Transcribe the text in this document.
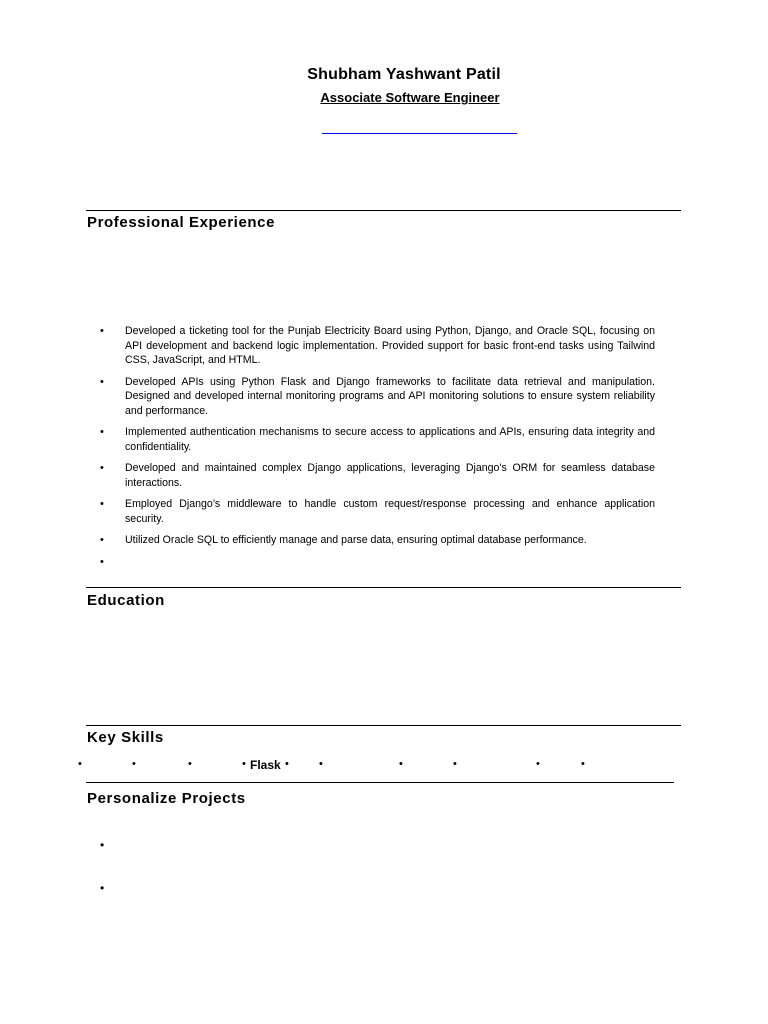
Shubham Yashwant Patil
Associate Software Engineer
Professional Experience
• Developed a ticketing tool for the Punjab Electricity Board using Python, Django, and Oracle SQL, focusing on API development and backend logic implementation. Provided support for basic front-end tasks using Tailwind CSS, JavaScript, and HTML.
• Developed APIs using Python Flask and Django frameworks to facilitate data retrieval and manipulation. Designed and developed internal monitoring programs and API monitoring solutions to ensure system reliability and performance.
• Implemented authentication mechanisms to secure access to applications and APIs, ensuring data integrity and confidentiality.
• Developed and maintained complex Django applications, leveraging Django's ORM for seamless database interactions.
• Employed Django’s middleware to handle custom request/response processing and enhance application security.
• Utilized Oracle SQL to efficiently manage and parse data, ensuring optimal database performance.
•
Education
Key Skills
•	•	•	• Flask •	•	•	•	•	•
Personalize Projects
•
•
